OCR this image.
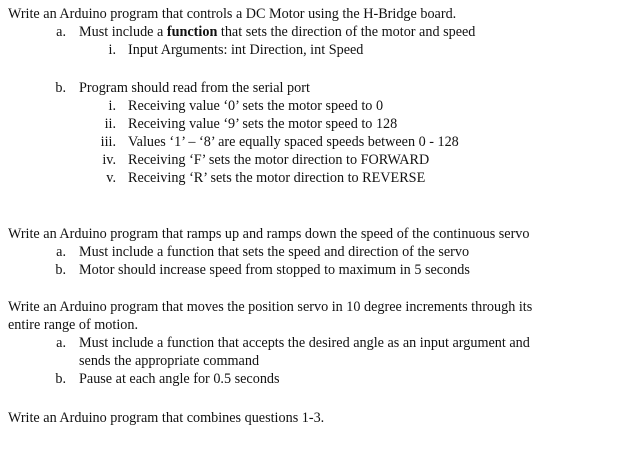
Write an Arduino program that controls a DC Motor using the H-Bridge board.
a. Must include a function that sets the direction of the motor and speed
i. Input Arguments: int Direction, int Speed
b. Program should read from the serial port
i. Receiving value ‘0’ sets the motor speed to 0
ii. Receiving value ‘9’ sets the motor speed to 128
iii. Values ‘1’ – ‘8’ are equally spaced speeds between 0 - 128
iv. Receiving ‘F’ sets the motor direction to FORWARD
v. Receiving ‘R’ sets the motor direction to REVERSE
Write an Arduino program that ramps up and ramps down the speed of the continuous servo
a. Must include a function that sets the speed and direction of the servo
b. Motor should increase speed from stopped to maximum in 5 seconds
Write an Arduino program that moves the position servo in 10 degree increments through its
entire range of motion.
a. Must include a function that accepts the desired angle as an input argument and
sends the appropriate command
b. Pause at each angle for 0.5 seconds
Write an Arduino program that combines questions 1-3.
